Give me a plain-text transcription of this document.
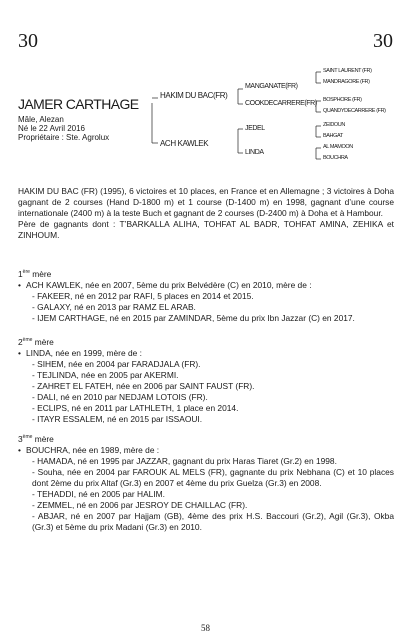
30	30
JAMER CARTHAGE
Mâle, Alezan
Né le 22 Avril 2016
Propriétaire : Ste. Agrolux
HAKIM DU BAC(FR)
ACH KAWLEK
MANGANATE(FR)
COOKDECARRERE(FR)
JEDEL
LINDA
SAINT LAURENT (FR)
MANDRAGORE (FR)
BOSPHORE (FR)
QUANDYDECARRERE (FR)
ZEIDOUN
BAHGAT
AL MAMOON
BOUCHRA

HAKIM DU BAC (FR) (1995), 6 victoires et 10 places, en France et en Allemagne ; 3 victoires à Doha gagnant de 2 courses (Hand D-1800 m) et 1 course (D-1400 m) en 1998, gagnant d’une course internationale (2400 m) à la teste Buch et gagnant de 2 courses (D-2400 m) à Doha et à Hambour.

Père de gagnants dont : T’BARKALLA ALIHA, TOHFAT AL BADR, TOHFAT AMINA, ZEHIKA et ZINHOUM.

1ère mère

• ACH KAWLEK, née en 2007, 5ème du prix Belvédère (C) en 2010, mère de :

- FAKEER, né en 2012 par RAFI, 5 places en 2014 et 2015.

- GALAXY, né en 2013 par RAMZ EL ARAB.

- IJEM CARTHAGE, né en 2015 par ZAMINDAR, 5ème du prix Ibn Jazzar (C) en 2017.

2ème mère

• LINDA, née en 1999, mère de :

- SIHEM, née en 2004 par FARADJALA (FR).

- TEJLINDA, née en 2005 par AKERMI.

- ZAHRET EL FATEH, née en 2006 par SAINT FAUST (FR).

- DALI, né en 2010 par NEDJAM LOTOIS (FR).

- ECLIPS, né en 2011 par LATHLETH, 1 place en 2014.

- ITAYR ESSALEM, né en 2015 par ISSAOUI.

3ème mère

• BOUCHRA, née en 1989, mère de :

- HAMADA, né en 1995 par JAZZAR, gagnant du prix Haras Tiaret (Gr.2) en 1998.

- Souha, née en 2004 par FAROUK AL MELS (FR), gagnante du prix Nebhana (C) et 10 places dont 2ème du prix Altaf (Gr.3) en 2007 et 4ème du prix Guelza (Gr.3) en 2008.

- TEHADDI, né en 2005 par HALIM.

- ZEMMEL, né en 2006 par JESROY DE CHAILLAC (FR).

- ABJAR, né en 2007 par Hajjam (GB), 4ème des prix H.S. Baccouri (Gr.2), Agil (Gr.3), Okba (Gr.3) et 5ème du prix Madani (Gr.3) en 2010.

58
